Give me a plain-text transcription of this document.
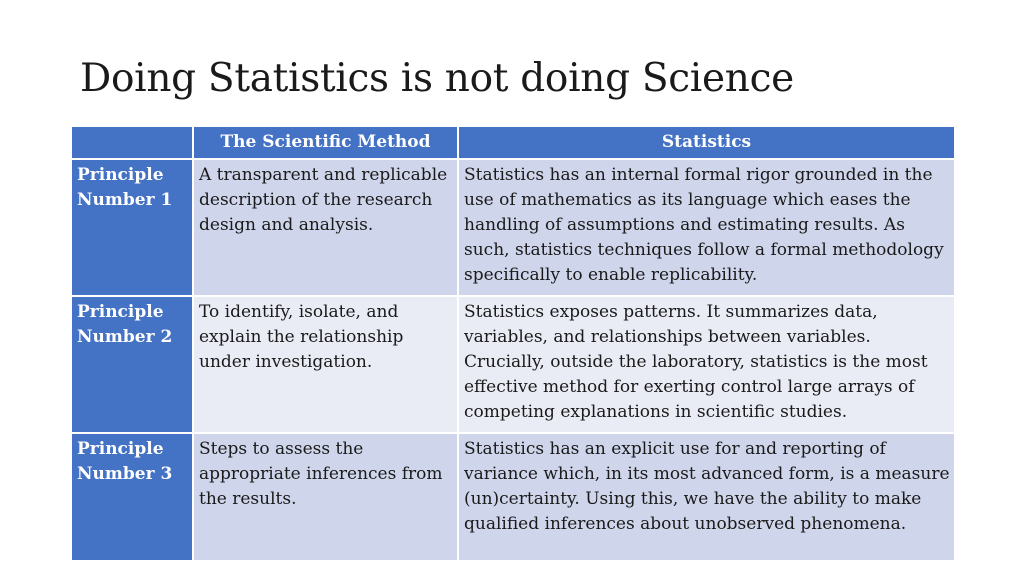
Doing Statistics is not doing Science
	The Scientific Method	Statistics
Principle Number 1	A transparent and replicable description of the research design and analysis.	Statistics has an internal formal rigor grounded in the use of mathematics as its language which eases the handling of assumptions and estimating results. As such, statistics techniques follow a formal methodology specifically to enable replicability.
Principle Number 2	To identify, isolate, and explain the relationship under investigation.	Statistics exposes patterns. It summarizes data, variables, and relationships between variables. Crucially, outside the laboratory, statistics is the most effective method for exerting control large arrays of competing explanations in scientific studies.
Principle Number 3	Steps to assess the appropriate inferences from the results.	Statistics has an explicit use for and reporting of variance which, in its most advanced form, is a measure (un)certainty. Using this, we have the ability to make qualified inferences about unobserved phenomena.
